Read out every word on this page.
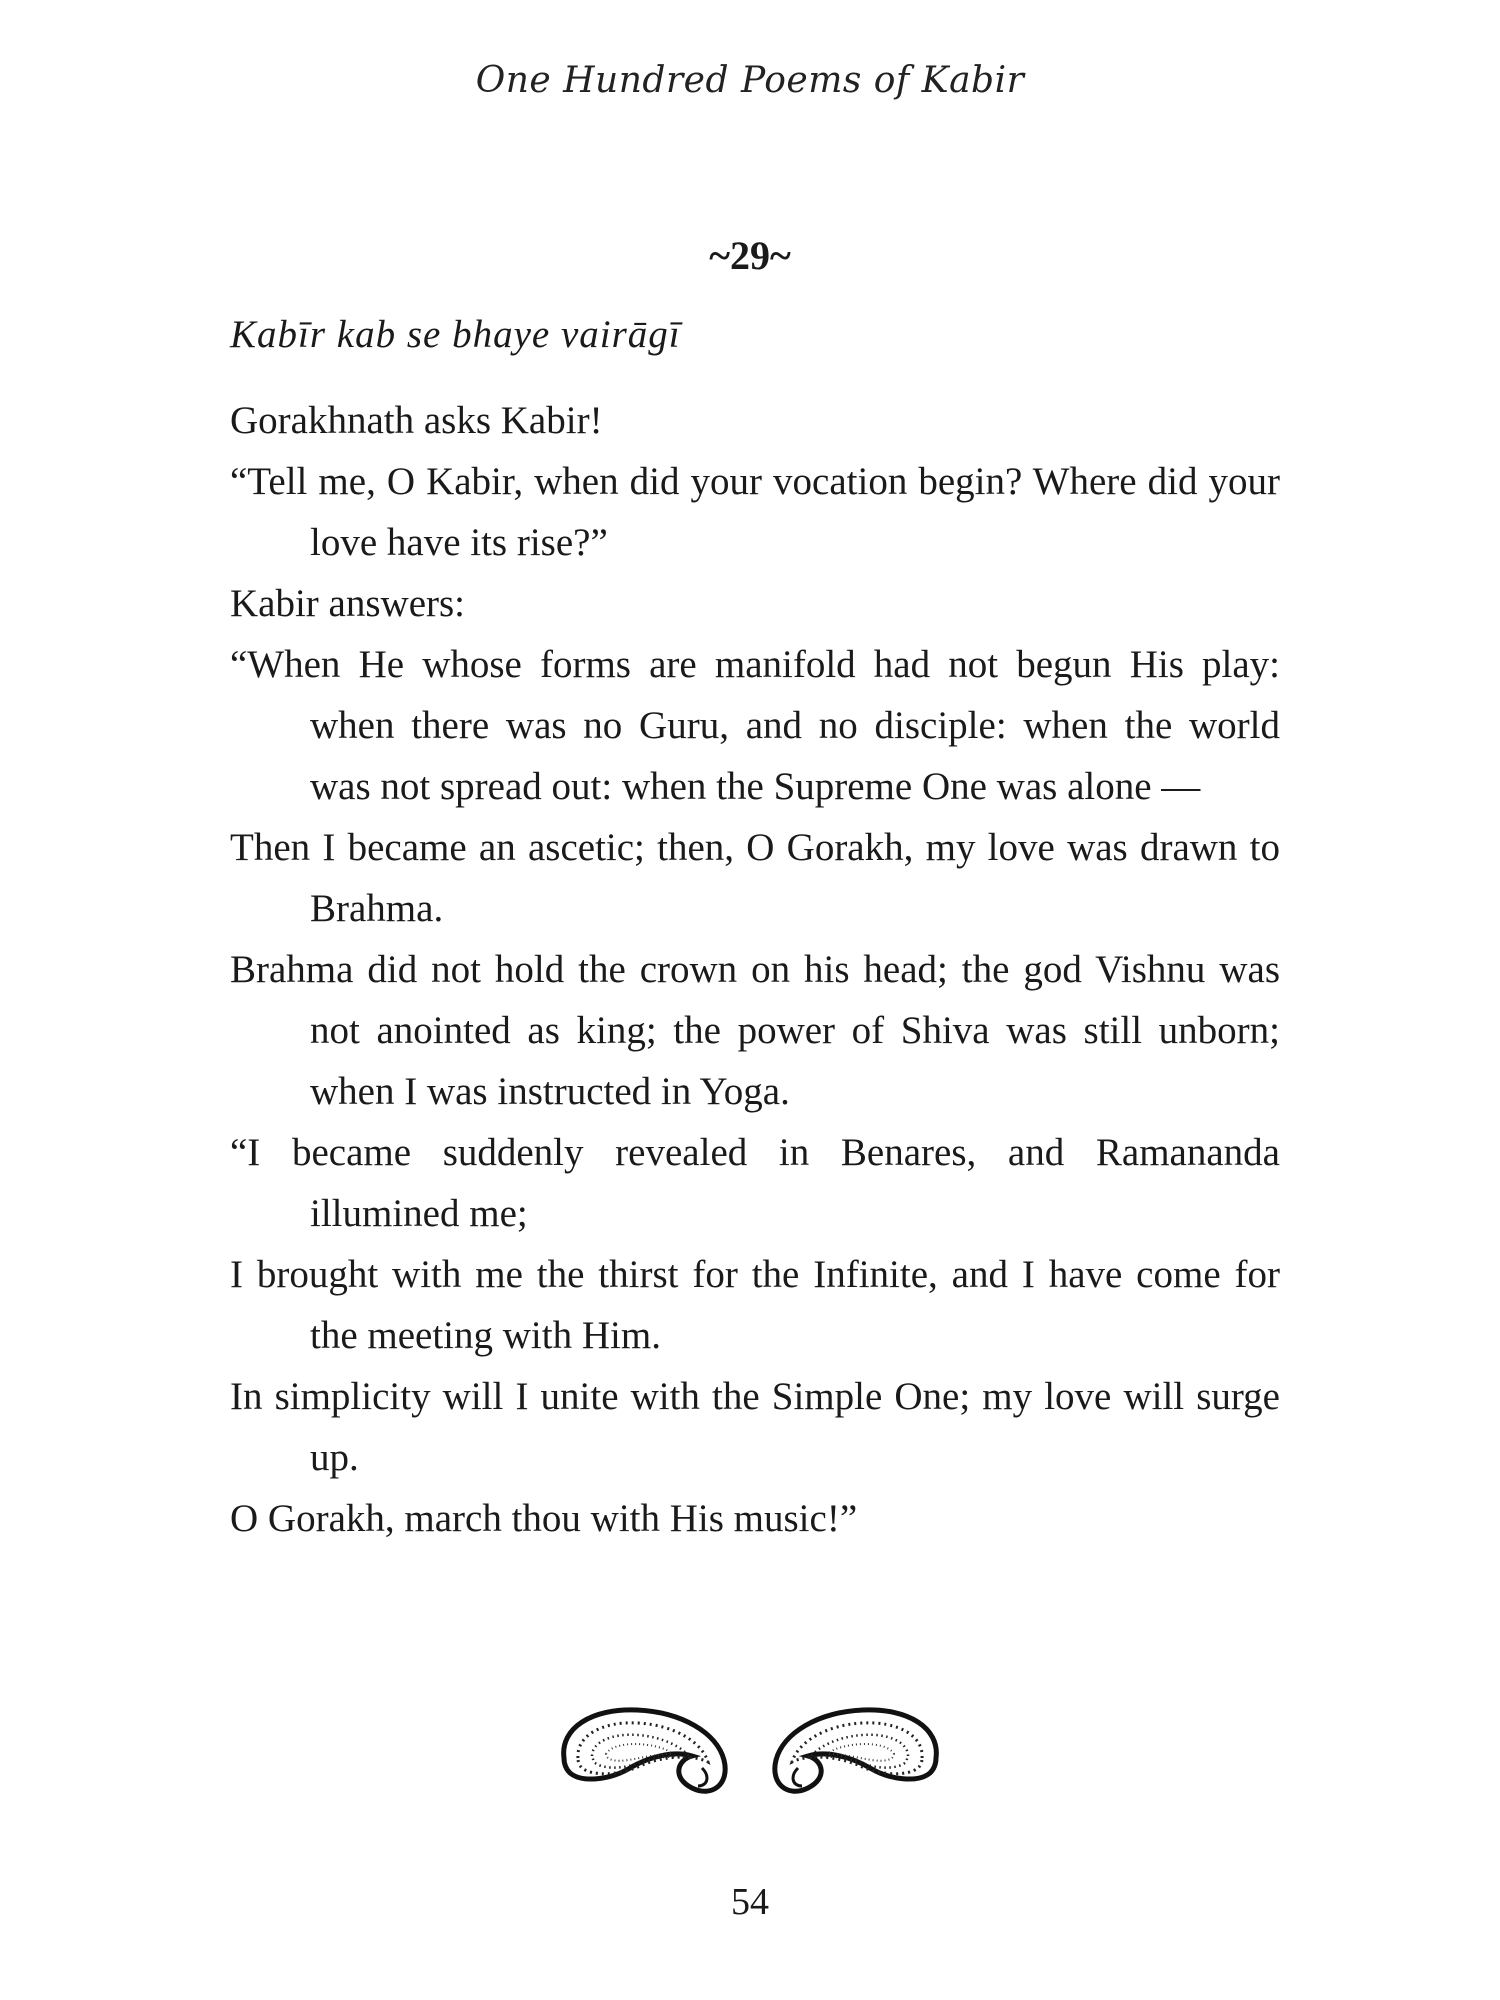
One Hundred Poems of Kabir
~29~
Kabīr kab se bhaye vairāgī

Gorakhnath asks Kabir!

“Tell me, O Kabir, when did your vocation begin? Where did your love have its rise?”

Kabir answers:

“When He whose forms are manifold had not begun His play: when there was no Guru, and no disciple: when the world was not spread out: when the Supreme One was alone —

Then I became an ascetic; then, O Gorakh, my love was drawn to Brahma.

Brahma did not hold the crown on his head; the god Vishnu was not anointed as king; the power of Shiva was still unborn; when I was instructed in Yoga.

“I became suddenly revealed in Benares, and Ramananda illumined me;

I brought with me the thirst for the Infinite, and I have come for the meeting with Him.

In simplicity will I unite with the Simple One; my love will surge up.

O Gorakh, march thou with His music!”

54
